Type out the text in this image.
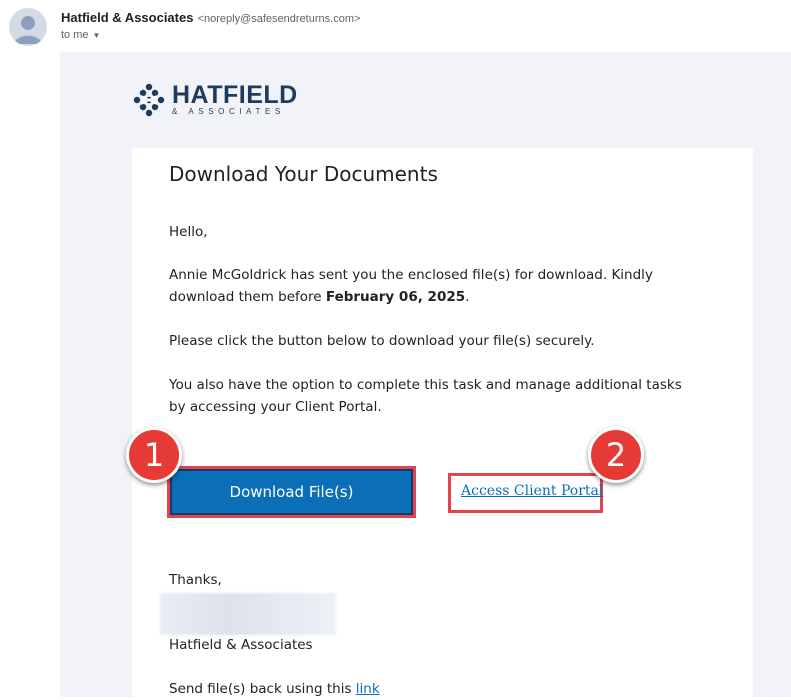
Hatfield & Associates <noreply@safesendreturns.com>
to me ▼
HATFIELD
& ASSOCIATES
Download Your Documents
Hello,
Annie McGoldrick has sent you the enclosed file(s) for download. Kindly download them before February 06, 2025.
Please click the button below to download your file(s) securely.
You also have the option to complete this task and manage additional tasks by accessing your Client Portal.
Download File(s)	Access Client Portal
Thanks,
Hatfield & Associates
Send file(s) back using this link
1	2
